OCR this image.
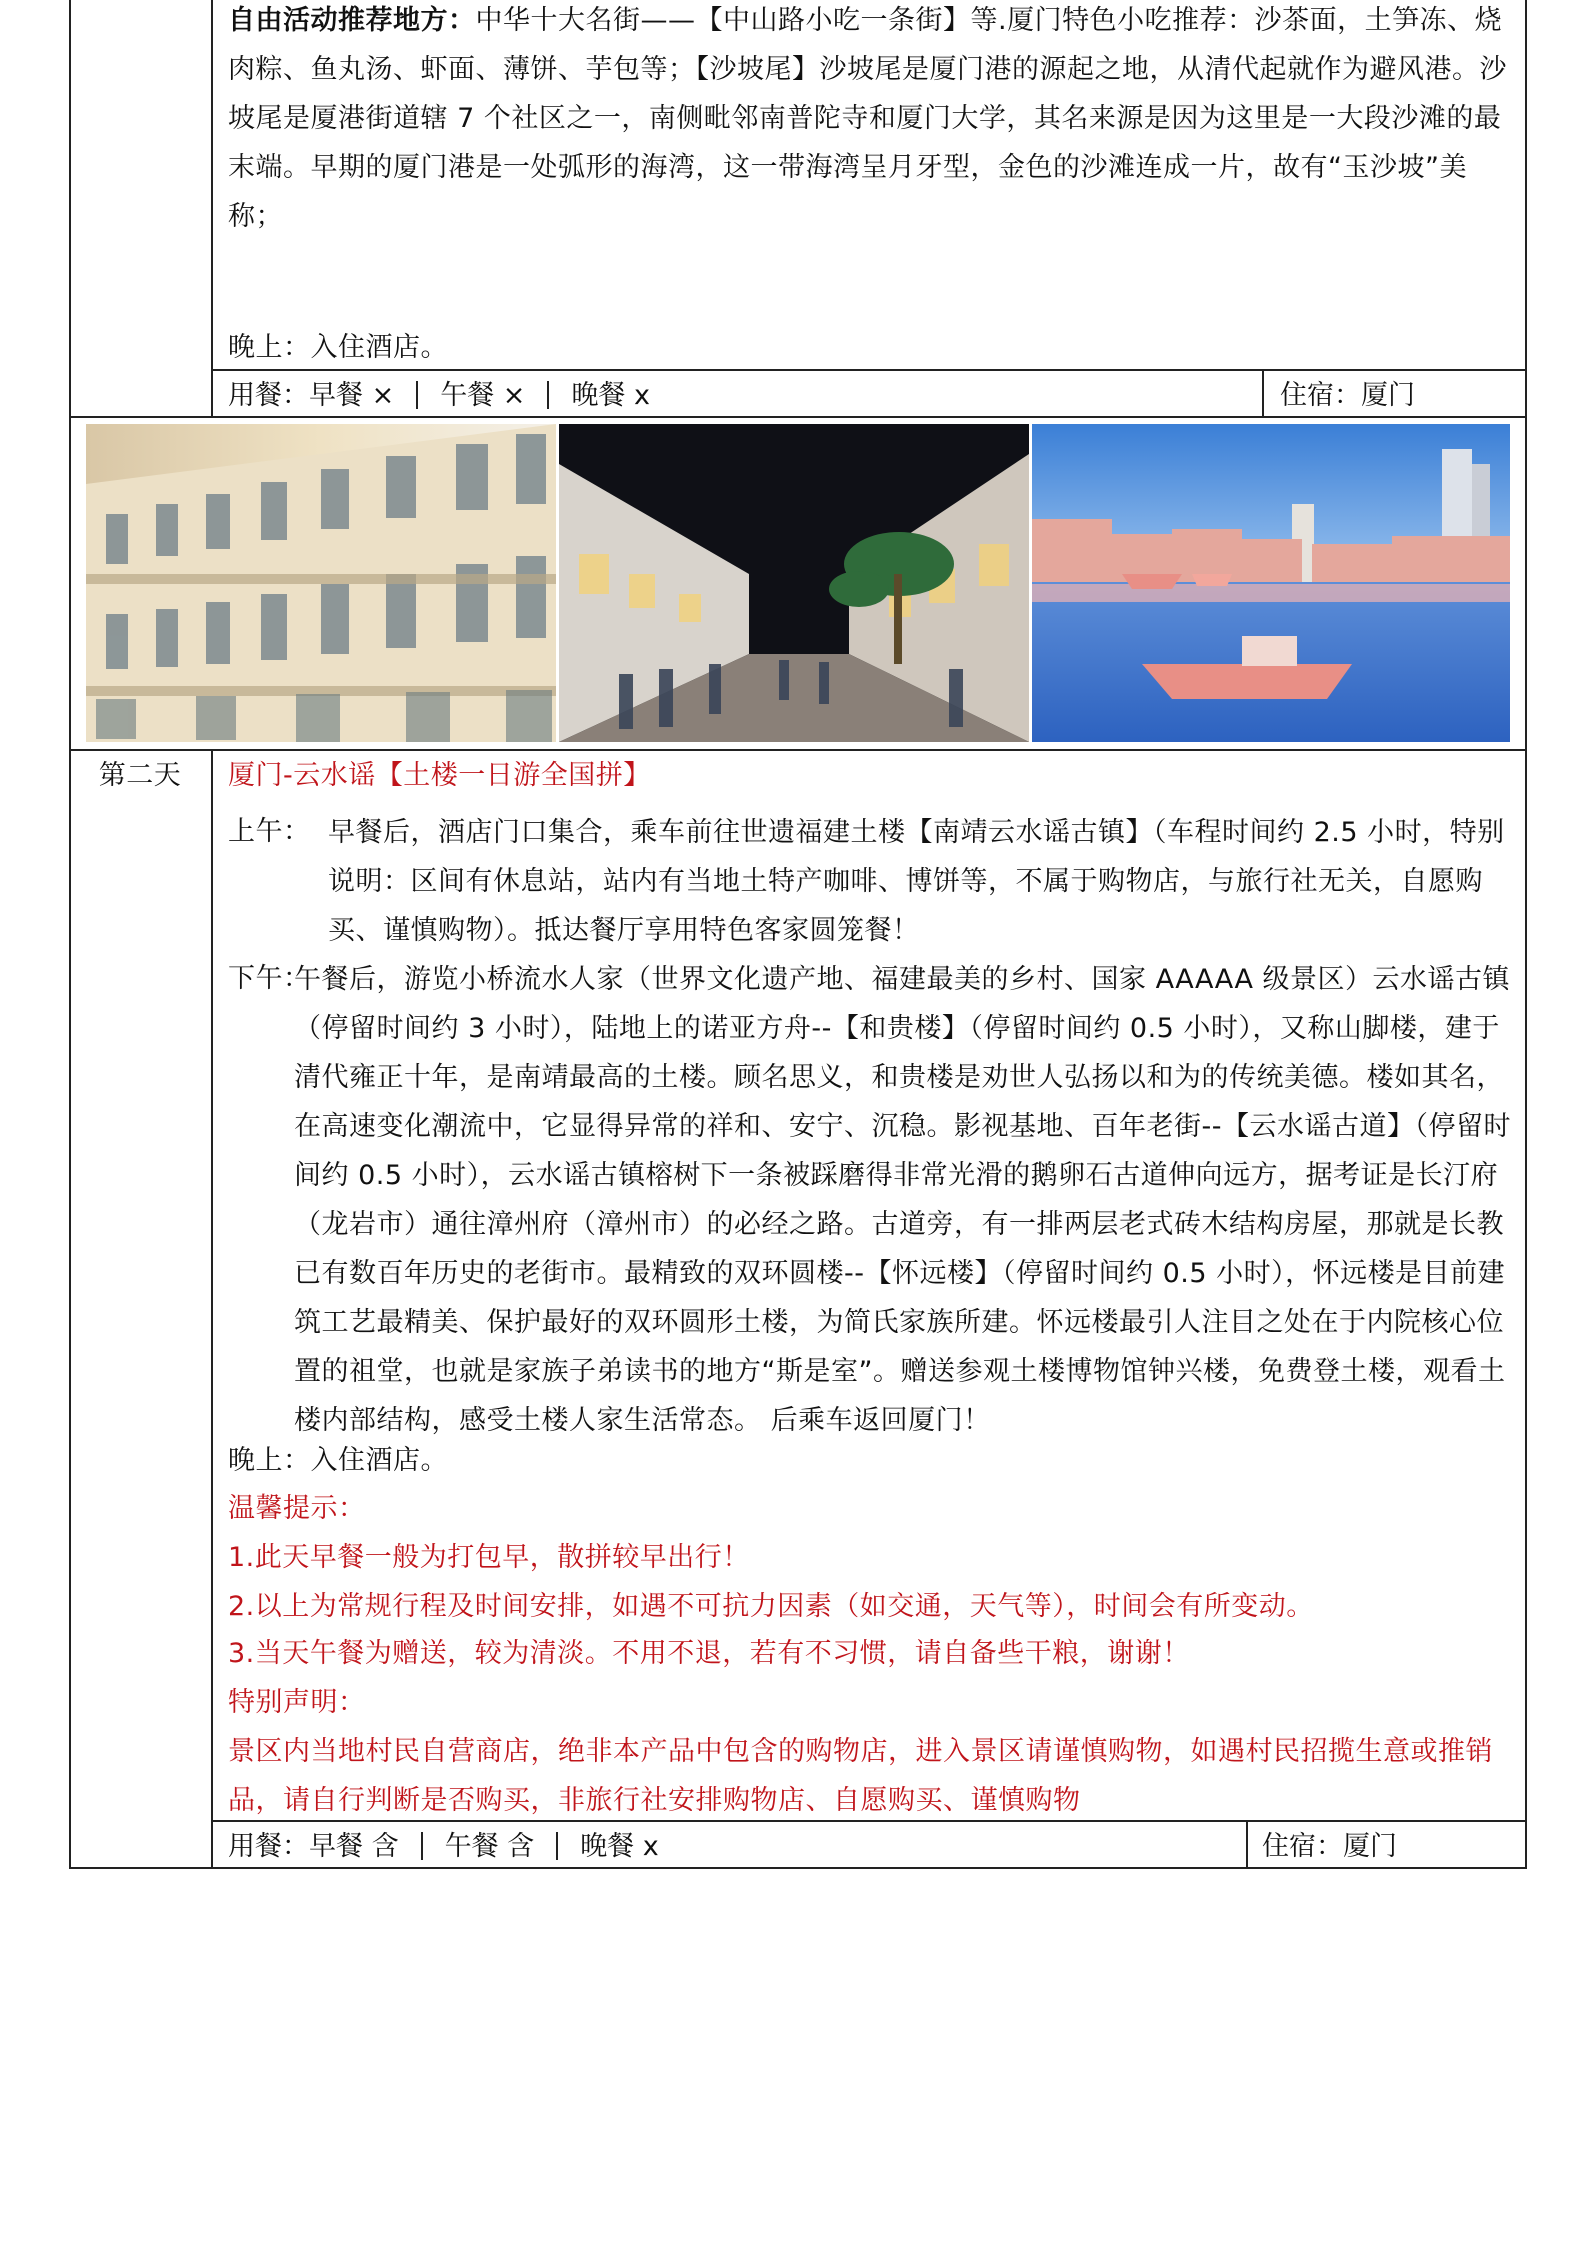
自由活动推荐地方：中华十大名街——【中山路小吃一条街】等.厦门特色小吃推荐：沙茶面，土笋冻、烧肉粽、鱼丸汤、虾面、薄饼、芋包等；【沙坡尾】沙坡尾是厦门港的源起之地，从清代起就作为避风港。沙坡尾是厦港街道辖 7 个社区之一，南侧毗邻南普陀寺和厦门大学，其名来源是因为这里是一大段沙滩的最末端。早期的厦门港是一处弧形的海湾，这一带海湾呈月牙型，金色的沙滩连成一片，故有“玉沙坡”美称；

晚上：入住酒店。
用餐：早餐 × 午餐 × 晚餐 x	住宿：厦门
第二天	厦门-云水谣【土楼一日游全国拼】
上午： 早餐后，酒店门口集合，乘车前往世遗福建土楼【南靖云水谣古镇】（车程时间约 2.5 小时，特别说明：区间有休息站，站内有当地土特产咖啡、博饼等，不属于购物店，与旅行社无关，自愿购买、谨慎购物）。抵达餐厅享用特色客家圆笼餐！

下午：

午餐后，游览小桥流水人家（世界文化遗产地、福建最美的乡村、国家 AAAAA 级景区）云水谣古镇（停留时间约 3 小时），陆地上的诺亚方舟--【和贵楼】（停留时间约 0.5 小时），又称山脚楼，建于清代雍正十年，是南靖最高的土楼。顾名思义，和贵楼是劝世人弘扬以和为的传统美德。楼如其名，在高速变化潮流中，它显得异常的祥和、安宁、沉稳。影视基地、百年老街--【云水谣古道】（停留时间约 0.5 小时），云水谣古镇榕树下一条被踩磨得非常光滑的鹅卵石古道伸向远方，据考证是长汀府（龙岩市）通往漳州府（漳州市）的必经之路。古道旁，有一排两层老式砖木结构房屋，那就是长教已有数百年历史的老街市。最精致的双环圆楼--【怀远楼】（停留时间约 0.5 小时），怀远楼是目前建筑工艺最精美、保护最好的双环圆形土楼，为简氏家族所建。怀远楼最引人注目之处在于内院核心位置的祖堂，也就是家族子弟读书的地方“斯是室”。赠送参观土楼博物馆钟兴楼，免费登土楼，观看土楼内部结构，感受土楼人家生活常态。 后乘车返回厦门！

晚上：入住酒店。
温馨提示：
1.此天早餐一般为打包早，散拼较早出行！
2.以上为常规行程及时间安排，如遇不可抗力因素（如交通，天气等），时间会有所变动。
3.当天午餐为赠送，较为清淡。不用不退，若有不习惯，请自备些干粮，谢谢！
特别声明：

景区内当地村民自营商店，绝非本产品中包含的购物店，进入景区请谨慎购物，如遇村民招揽生意或推销品，请自行判断是否购买，非旅行社安排购物店、自愿购买、谨慎购物

用餐：早餐 含 午餐 含 晚餐 x	住宿：厦门
